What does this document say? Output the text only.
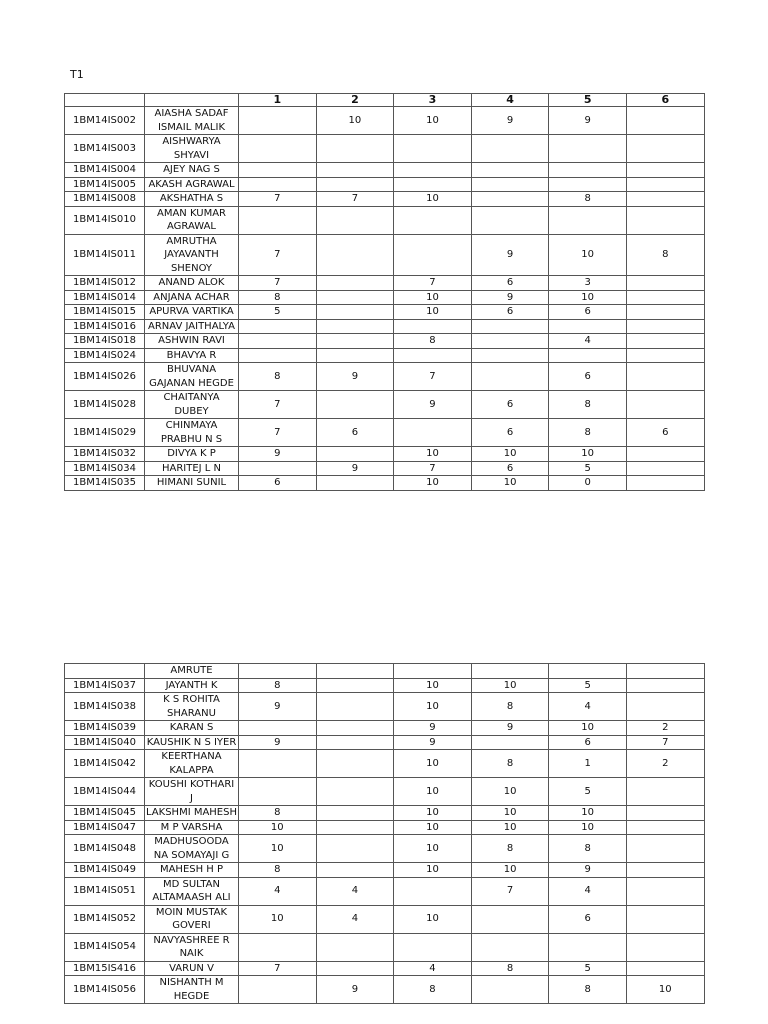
T1
		1	2	3	4	5	6
1BM14IS002	AIASHA SADAF ISMAIL MALIK		10	10	9	9	
1BM14IS003	AISHWARYA SHYAVI						
1BM14IS004	AJEY NAG S						
1BM14IS005	AKASH AGRAWAL						
1BM14IS008	AKSHATHA S	7	7	10		8	
1BM14IS010	AMAN KUMAR AGRAWAL						
1BM14IS011	AMRUTHA JAYAVANTH SHENOY	7			9	10	8
1BM14IS012	ANAND ALOK	7		7	6	3	
1BM14IS014	ANJANA ACHAR	8		10	9	10	
1BM14IS015	APURVA VARTIKA	5		10	6	6	
1BM14IS016	ARNAV JAITHALYA						
1BM14IS018	ASHWIN RAVI			8		4	
1BM14IS024	BHAVYA R						
1BM14IS026	BHUVANA GAJANAN HEGDE	8	9	7		6	
1BM14IS028	CHAITANYA DUBEY	7		9	6	8	
1BM14IS029	CHINMAYA PRABHU N S	7	6		6	8	6
1BM14IS032	DIVYA K P	9		10	10	10	
1BM14IS034	HARITEJ L N		9	7	6	5	
1BM14IS035	HIMANI SUNIL	6		10	10	0	
	AMRUTE						
1BM14IS037	JAYANTH K	8		10	10	5	
1BM14IS038	K S ROHITA SHARANU	9		10	8	4	
1BM14IS039	KARAN S			9	9	10	2
1BM14IS040	KAUSHIK N S IYER	9		9		6	7
1BM14IS042	KEERTHANA KALAPPA			10	8	1	2
1BM14IS044	KOUSHI KOTHARI J			10	10	5	
1BM14IS045	LAKSHMI MAHESH	8		10	10	10	
1BM14IS047	M P VARSHA	10		10	10	10	
1BM14IS048	MADHUSOODA NA SOMAYAJI G	10		10	8	8	
1BM14IS049	MAHESH H P	8		10	10	9	
1BM14IS051	MD SULTAN ALTAMAASH ALI	4	4		7	4	
1BM14IS052	MOIN MUSTAK GOVERI	10	4	10		6	
1BM14IS054	NAVYASHREE R NAIK						
1BM15IS416	VARUN V	7		4	8	5	
1BM14IS056	NISHANTH M HEGDE		9	8		8	10
